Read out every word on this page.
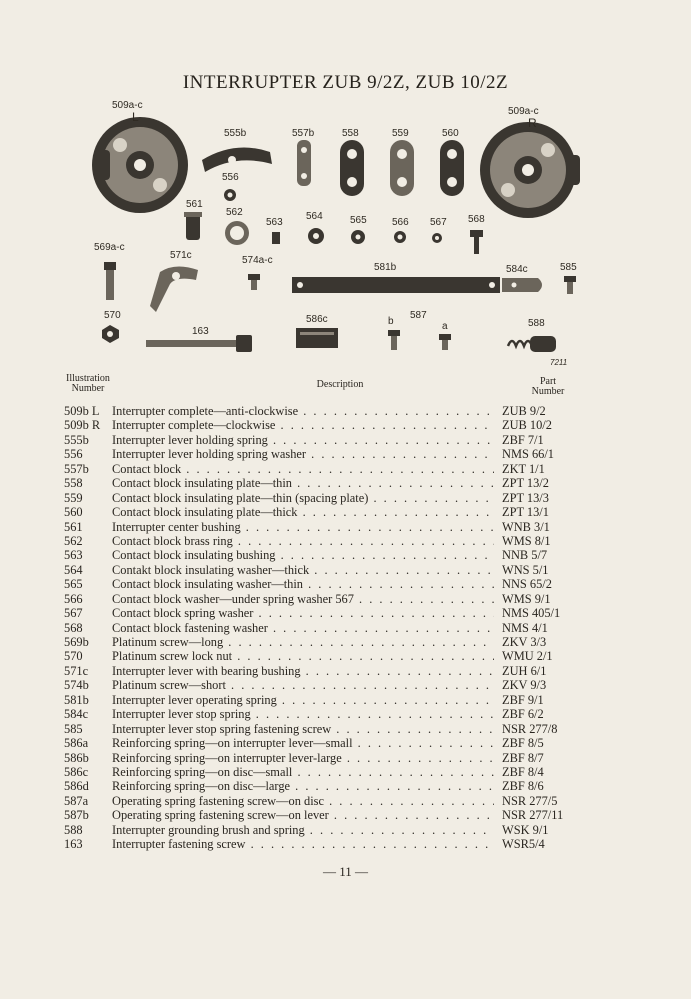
INTERRUPTER ZUB 9/2Z, ZUB 10/2Z
509a-c
L	509a-c
R
555b	557b	558	559	560
556
561
562
563
564	565	566 567 568
569a-c
571c	574a-c
581b	584c	585
570
163
586c	b
587
a	588
7211
Illustration
Number	Description	Part
Number
509b L	Interrupter complete—anti-clockwise . . .	ZUB 9/2
509b R Interrupter complete—clockwise . . .	ZUB 10/2
555b	Interrupter lever holding spring . . .	ZBF 7/1
556	Interrupter lever holding spring washer . . .	NMS 66/1
557b	Contact block . . .	ZKT 1/1
558	Contact block insulating plate—thin . . .	ZPT 13/2
559	Contact block insulating plate—thin (spacing plate) . . .	ZPT 13/3
560	Contact block insulating plate—thick . . .	ZPT 13/1
561	Interrupter center bushing . . .	WNB 3/1
562	Contact block brass ring . . .	WMS 8/1
563	Contact block insulating bushing . . .	NNB 5/7
564	Contakt block insulating washer—thick . . .	WNS 5/1
565	Contact block insulating washer—thin . . .	NNS 65/2
566	Contact block washer—under spring washer 567 . . .	WMS 9/1
567	Contact block spring washer . . .	NMS 405/1
568	Contact block fastening washer . . .	NMS 4/1
569b	Platinum screw—long . . .	ZKV 3/3
570	Platinum screw lock nut . . .	WMU 2/1
571c	Interrupter lever with bearing bushing . . .	ZUH 6/1
574b	Platinum screw—short . . .	ZKV 9/3
581b	Interrupter lever operating spring . . .	ZBF 9/1
584c	Interrupter lever stop spring . . .	ZBF 6/2
585	Interrupter lever stop spring fastening screw . . .	NSR 277/8
586a	Reinforcing spring—on interrupter lever—small . . .	ZBF 8/5
586b	Reinforcing spring—on interrupter lever-large . . .	ZBF 8/7
586c	Reinforcing spring—on disc—small . . .	ZBF 8/4
586d	Reinforcing spring—on disc—large . . .	ZBF 8/6
587a	Operating spring fastening screw—on disc . . .	NSR 277/5
587b	Operating spring fastening screw—on lever . . .	NSR 277/11
588	Interrupter grounding brush and spring . . .	WSK 9/1
163	Interrupter fastening screw . . .	WSR5/4
— 11 —
